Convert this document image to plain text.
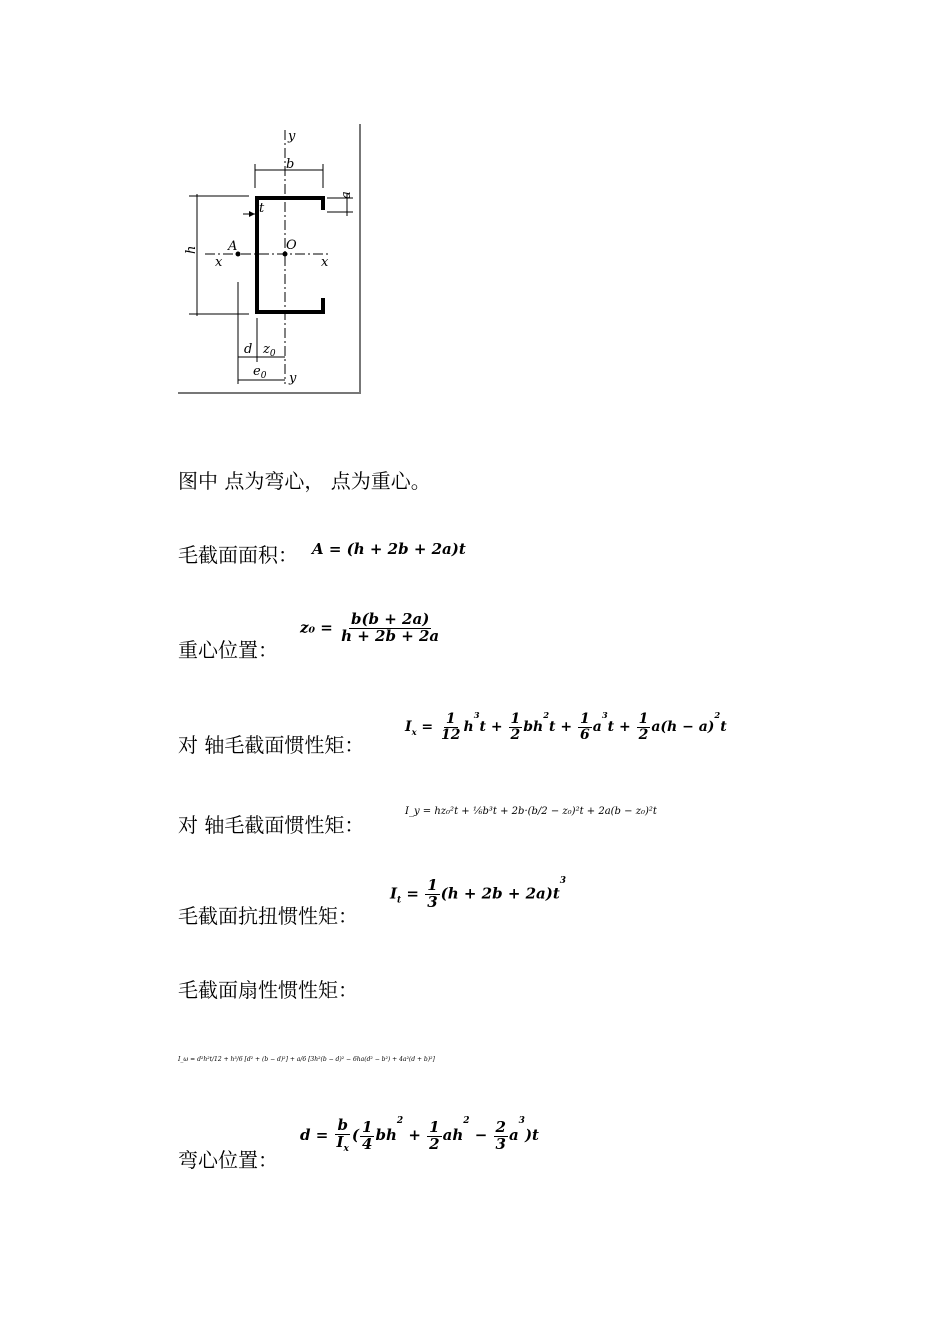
y
b
a
t
h
x	x
A	O
d $z_0$
$e_0$ y
图中 点为弯心， 点为重心。
毛截面面积： A = (h + 2b + 2a)t
重心位置：
$z_0 = \frac{b(b + 2a)}{h + 2b + 2a}$
对 轴毛截面惯性矩：
$I_x = \frac{1}{12} h^3t + \frac{1}{2} bh^2t + \frac{1}{6} a^3t + \frac{1}{2} a(h - a)^2t$
对 轴毛截面惯性矩：
I_y = hz₀²t + ⅙b³t + 2b·(b/2 − z₀)²t + 2a(b − z₀)²t
毛截面抗扭惯性矩：
$I_t = \frac{1}{3} (h + 2b + 2a)t^3$
毛截面扇性惯性矩：
I_ω = d²h²t/12 + h³/6 [d² + (b − d)²] + a/6 [3h²(b − d)² − 6ha(d² − b²) + 4a²(d + b)²]
弯心位置：
$d = \frac{b}{I_x}$ ( $\frac{1}{4} bh^2 + \frac{1}{2} ah^2 - \frac{2}{3} a^3)t$
